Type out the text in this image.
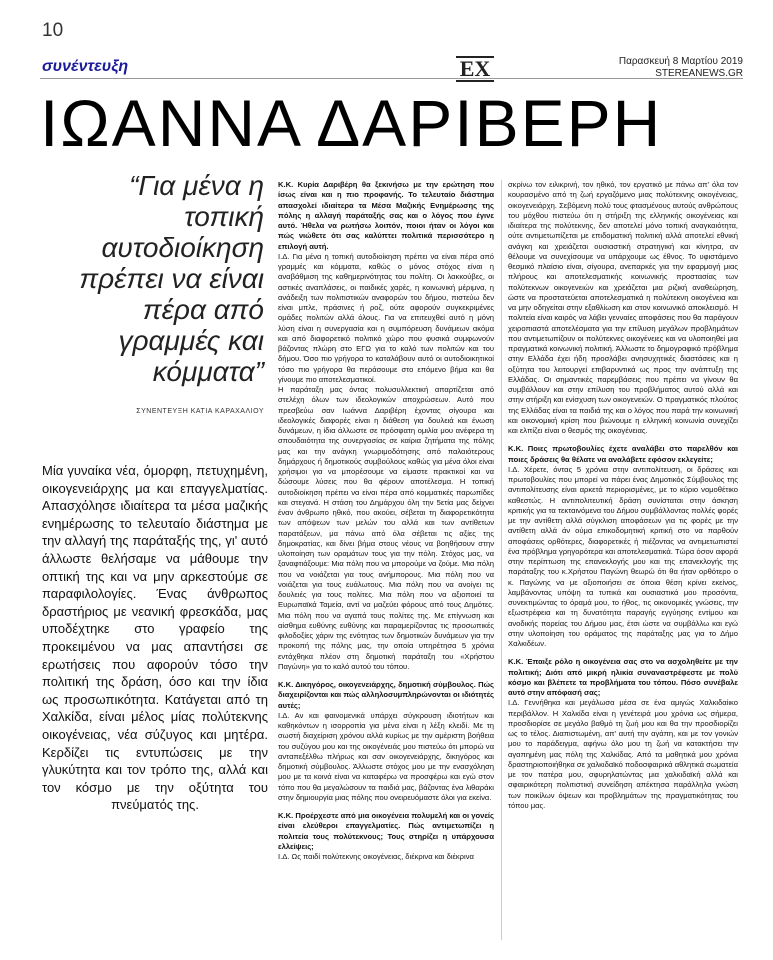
10
συνέντευξη	ΕΧ	Παρασκευή 8 Μαρτίου 2019
STEREANEWS.GR
ΙΩΑΝΝΑ ΔΑΡΙΒΕΡΗ
“Για μένα η τοπική αυτοδιοίκηση πρέπει να είναι πέρα από γραμμές και κόμματα”
ΣΥΝΕΝΤΕΥΞΗ ΚΑΤΙΑ ΚΑΡΑΧΑΛΙΟΥ
Μία γυναίκα νέα, όμορφη, πετυχημένη, οικογενειάρχης μα και επαγγελματίας. Απασχόλησε ιδιαίτερα τα μέσα μαζικής ενημέρωσης το τελευταίο διάστημα με την αλλαγή της παράταξής της, γι' αυτό άλλωστε θελήσαμε να μάθουμε την οπτική της και να μην αρκεστούμε σε παραφιλολογίες. Ένας άνθρωπος δραστήριος με νεανική φρεσκάδα, μας υποδέχτηκε στο γραφείο της προκειμένου να μας απαντήσει σε ερωτήσεις που αφορούν τόσο την πολιτική της δράση, όσο και την ίδια ως προσωπικότητα. Κατάγεται από τη Χαλκίδα, είναι μέλος μίας πολύτεκνης οικογένειας, νέα σύζυγος και μητέρα. Κερδίζει τις εντυπώσεις με την γλυκύτητα και τον τρόπο της, αλλά και τον κόσμο με την οξύτητα του πνεύματός της.

Κ.Κ. Κυρία Δαριβέρη θα ξεκινήσω με την ερώτηση που ίσως είναι και η πιο προφανής. Το τελευταίο διάστημα απασχολεί ιδιαίτερα τα Μέσα Μαζικής Ενημέρωσης της πόλης η αλλαγή παράταξής σας και ο λόγος που έγινε αυτό. Ήθελα να ρωτήσω λοιπόν, ποιοι ήταν οι λόγοι και πώς νιώθετε ότι σας καλύπτει πολιτικά περισσότερο η επιλογή αυτή.

Ι.Δ. Για μένα η τοπική αυτοδιοίκηση πρέπει να είναι πέρα από γραμμές και κόμματα, καθώς ο μόνος στόχος είναι η αναβάθμιση της καθημερινότητας του πολίτη. Οι λακκούβες, οι αστικές αναπλάσεις, οι παιδικές χαρές, η κοινωνική μέριμνα, η ανάδειξη των πολιτιστικών αναφορών του δήμου, πιστεύω δεν είναι μπλε, πράσινες ή ροζ, ούτε αφορούν συγκεκριμένες ομάδες πολιτών αλλά όλους. Για να επιτευχθεί αυτό η μόνη λύση είναι η συνεργασία και η συμπόρευση δυνάμεων ακόμα και από διαφορετικό πολιτικό χώρο που φυσικά συμφωνούν βάζοντας πλώρη στο ΕΓΩ για το καλό των πολιτών και του δήμου. Όσο πιο γρήγορα το καταλάβουν αυτό οι αυτοδιοικητικοί τόσο πιο γρήγορα θα περάσουμε στο επόμενο βήμα και θα γίνουμε πιο αποτελεσματικοί.

Η παράταξη μας όντας πολυσυλλεκτική απαρτίζεται από στελέχη όλων των ιδεολογικών αποχρώσεων. Αυτό που πρεσβεύω σαν Ιωάννα Δαριβέρη έχοντας σίγουρα και ιδεολογικές διαφορές είναι η διάθεση για δουλειά και ένωση δυνάμεων, η ίδια άλλωστε σε πρόσφατη ομιλία μου ανέφερα τη σπουδαιότητα της συνεργασίας σε καίρια ζητήματα της πόλης μας και την ανάγκη γνωριμοδότησης από παλαιότερους δημάρχους ή δημοτικούς συμβούλους καθώς για μένα όλοι είναι χρήσιμοι για να μπορέσουμε να είμαστε πρακτικοί και να δώσουμε λύσεις που θα φέρουν αποτέλεσμα. Η τοπική αυτοδιοίκηση πρέπει να είναι πέρα από κομματικές παρωπίδες και στεγανά. Η στάση του Δημάρχου όλη την 5ετία μας δείχνει έναν άνθρωπο ηθικό, που ακούει, σέβεται τη διαφορετικότητα των απόψεων των μελών του αλλά και των αντίθετων παρατάξεων, μα πάνω από όλα σέβεται τις αξίες της δημοκρατίας, και δίνει βήμα στους νέους να βοηθήσουν στην υλοποίηση των οραμάτων τους για την πόλη. Στόχος μας, να ξαναφτιάξουμε: Μια πόλη που να μπορούμε να ζούμε. Μια πόλη που να νοιάζεται για τους ανήμπορους. Μια πόλη που να νοιάζεται για τους ευάλωτους. Μια πόλη που να ανοίγει τις δουλειές για τους πολίτες. Μια πόλη που να αξιοποιεί τα Ευρωπαϊκά Ταμεία, αντί να μαζεύει φόρους από τους Δημότες. Μια πόλη που να αγαπά τους πολίτες της. Με επίγνωση και αίσθημα ευθύνης ευθύνης και παραμερίζοντας τις προσωπικές φιλοδοξίες χάριν της ενότητας των δημοτικών δυνάμεων για την προκοπή της πόλης μας, την οποία υπηρέτησα 5 χρόνια εντάχθηκα πλέον στη δημοτική παράταξη του «Χρήστου Παγώνη» για το καλό αυτού του τόπου.

Κ.Κ. Δικηγόρος, οικογενειάρχης, δημοτική σύμβουλος. Πώς διαχειρίζονται και πώς αλληλοσυμπληρώνονται οι ιδιότητές αυτές;

Ι.Δ. Αν και φαινομενικά υπάρχει σύγκρουση ιδιοτήτων και καθηκόντων η ισορροπία για μένα είναι η λέξη κλειδί. Με τη σωστή διαχείριση χρόνου αλλά κυρίως με την αμέριστη βοήθεια του συζύγου μου και της οικογένειάς μου πιστεύω ότι μπορώ να ανταπεξέλθω πλήρως και σαν οικογενειάρχης, δικηγόρος και δημοτική σύμβουλος. Άλλωστε στόχος μου με την ενασχόληση μου με τα κοινά είναι να καταφέρω να προσφέρω και εγώ στον τόπο που θα μεγαλώσουν τα παιδιά μας, βάζοντας ένα λιθαράκι στην δημιουργία μιας πόλης που ονειρευόμαστε όλοι για εκείνα.

Κ.Κ. Προέρχεστε από μια οικογένεια πολυμελή και οι γονείς είναι ελεύθεροι επαγγελματίες. Πώς αντιμετωπίζει η πολιτεία τους πολύτεκνους; Τους στηρίζει η υπάρχουσα ελλείψεις;

Ι.Δ. Ως παιδί πολύτεκνης οικογένειας, διέκρινα και διέκρινα

σκρίνω τον ειλικρινή, τον ηθικό, τον εργατικό με πάνω απ' όλα τον κουρασμένο από τη ζωή εργαζόμενο μιας πολύτεκνης οικογένειας, οικογενειάρχη. Σεβόμενη πολύ τους φτασμένους αυτούς ανθρώπους του μόχθου πιστεύω ότι η στήριξη της ελληνικής οικογένειας και ιδιαίτερα της πολύτεκνης, δεν αποτελεί μόνο τοπική αναγκαιότητα, ούτε αντιμετωπίζεται με επιδοματική πολιτική αλλά αποτελεί εθνική ανάγκη και χρειάζεται ουσιαστική στρατηγική και κίνητρα, αν θέλουμε να συνεχίσουμε να υπάρχουμε ως έθνος. Το υφιστάμενο θεσμικό πλαίσιο είναι, σίγουρα, ανεπαρκές για την εφαρμογή μιας πλήρους και αποτελεσματικής κοινωνικής προστασίας των πολύτεκνων οικογενειών και χρειάζεται μια ριζική αναθεώρηση, ώστε να προστατεύεται αποτελεσματικά η πολύτεκνη οικογένεια και να μην οδηγείται στην εξαθλίωση και στον κοινωνικό αποκλεισμό. Η πολιτεία είναι καιρός να λάβει γενναίες αποφάσεις που θα παράγουν χειροπιαστά αποτελέσματα για την επίλυση μεγάλων προβλημάτων που αντιμετωπίζουν οι πολύτεκνες οικογένειες και να υλοποιηθεί μια πραγματικά κοινωνική πολιτική. Άλλωστε το δημογραφικό πρόβλημα στην Ελλάδα έχει ήδη προσλάβει ανησυχητικές διαστάσεις και η οξύτητα του λειτουργεί επιβαρυντικά ως προς την ανάπτυξη της Ελλάδας. Οι σημαντικές παρεμβάσεις που πρέπει να γίνουν θα συμβάλλουν και στην επίλυση του προβλήματος αυτού αλλά και στην στήριξη και ενίσχυση των οικογενειών. Ο πραγματικός πλούτος της Ελλάδας είναι τα παιδιά της και ο λόγος που παρά την κοινωνική και οικονομική κρίση που βιώνουμε η ελληνική κοινωνία συνεχίζει και ελπίζει είναι ο θεσμός της οικογένειας.

Κ.Κ. Ποιες πρωτοβουλίες έχετε αναλάβει στο παρελθόν και ποιες δράσεις θα θέλατε να αναλάβετε εφόσον εκλεγείτε;

Ι.Δ. Χέρετε, όντας 5 χρόνια στην αντιπολίτευση, οι δράσεις και πρωτοβουλίες που μπορεί να πάρει ένας Δημοτικός Σύμβουλος της αντιπολίτευσης είναι αρκετά περιορισμένες, με το κύριο νομοθέτικο καθεστώς. Η αντιπολιτευτική δράση συνίσταται στην άσκηση κριτικής για τα τεκταινόμενα του Δήμου συμβάλλοντας πολλές φορές με την αντίθετη αλλά σύγκλιση αποφάσεων για τις φορές με την αντίθετη αλλά άν ούμα επικοδομητική κριτική στο να παρθούν αποφάσεις ορθότερες, διαφορετικές ή πιέζοντας να αντιμετωπιστεί ένα πρόβλημα γρηγορότερα και αποτελεσματικά. Τώρα όσον αφορά στην περίπτωση της επανεκλογής μου και της επανεκλογής της παράταξης του κ.Χρήστου Παγώνη θεωρώ ότι θα ήταν ορθότερο ο κ. Παγώνης να με αξιοποιήσει σε όποια θέση κρίνει εκείνος, λαμβάνοντας υπόψη τα τυπικά και ουσιαστικά μου προσόντα, συνεκτιμώντας το όραμά μου, το ήθος, τις οικονομικές γνώσεις, την εξωστρέφεια και τη δυνατότητα παραγής εγγύησης εντίμου και ανοδικής πορείας του Δήμου μας, έτσι ώστε να συμβάλλω και εγώ στην υλοποίηση του οράματος της παράταξης μας για το Δήμο Χαλκιδέων.

Κ.Κ. Έπαιξε ρόλο η οικογένεια σας στο να ασχοληθείτε με την πολιτική; Διότι από μικρή ηλικία συναναστρέφεστε με πολύ κόσμο και βλέπετε τα προβλήματα του τόπου. Πόσο συνέβαλε αυτό στην απόφασή σας;

Ι.Δ. Γεννήθηκα και μεγάλωσα μέσα σε ένα αμιγώς Χαλκιδαίικο περιβάλλον. Η Χαλκίδα είναι η γενέτειρά μου χρόνια ως σήμερα, προσδιορίσε σε μεγάλο βαθμό τη ζωή μου και θα την προσδιορίζει ως το τέλος. Διαπιστωμένη, απ' αυτή την αγάπη, και με τον γονιών μου το παράδειγμα, αφήνω όλο μου τη ζωή να κατακτήσει την αγαπημένη μας πόλη της Χαλκίδας. Από τα μαθητικά μου χρόνια δραστηριοποιήθηκα σε χαλκιδαϊκό ποδοσφαιρικά αθλητικά σωματεία με τον πατέρα μου, σφυρηλατώντας μια χαλκιδαϊκή αλλά και σφαιρικότερη πολιτιστική συνείδηση απέκτησα παράλληλα γνώση των ποικίλων όψεων και προβλημάτων της πραγματικότητας του τόπου μας.
